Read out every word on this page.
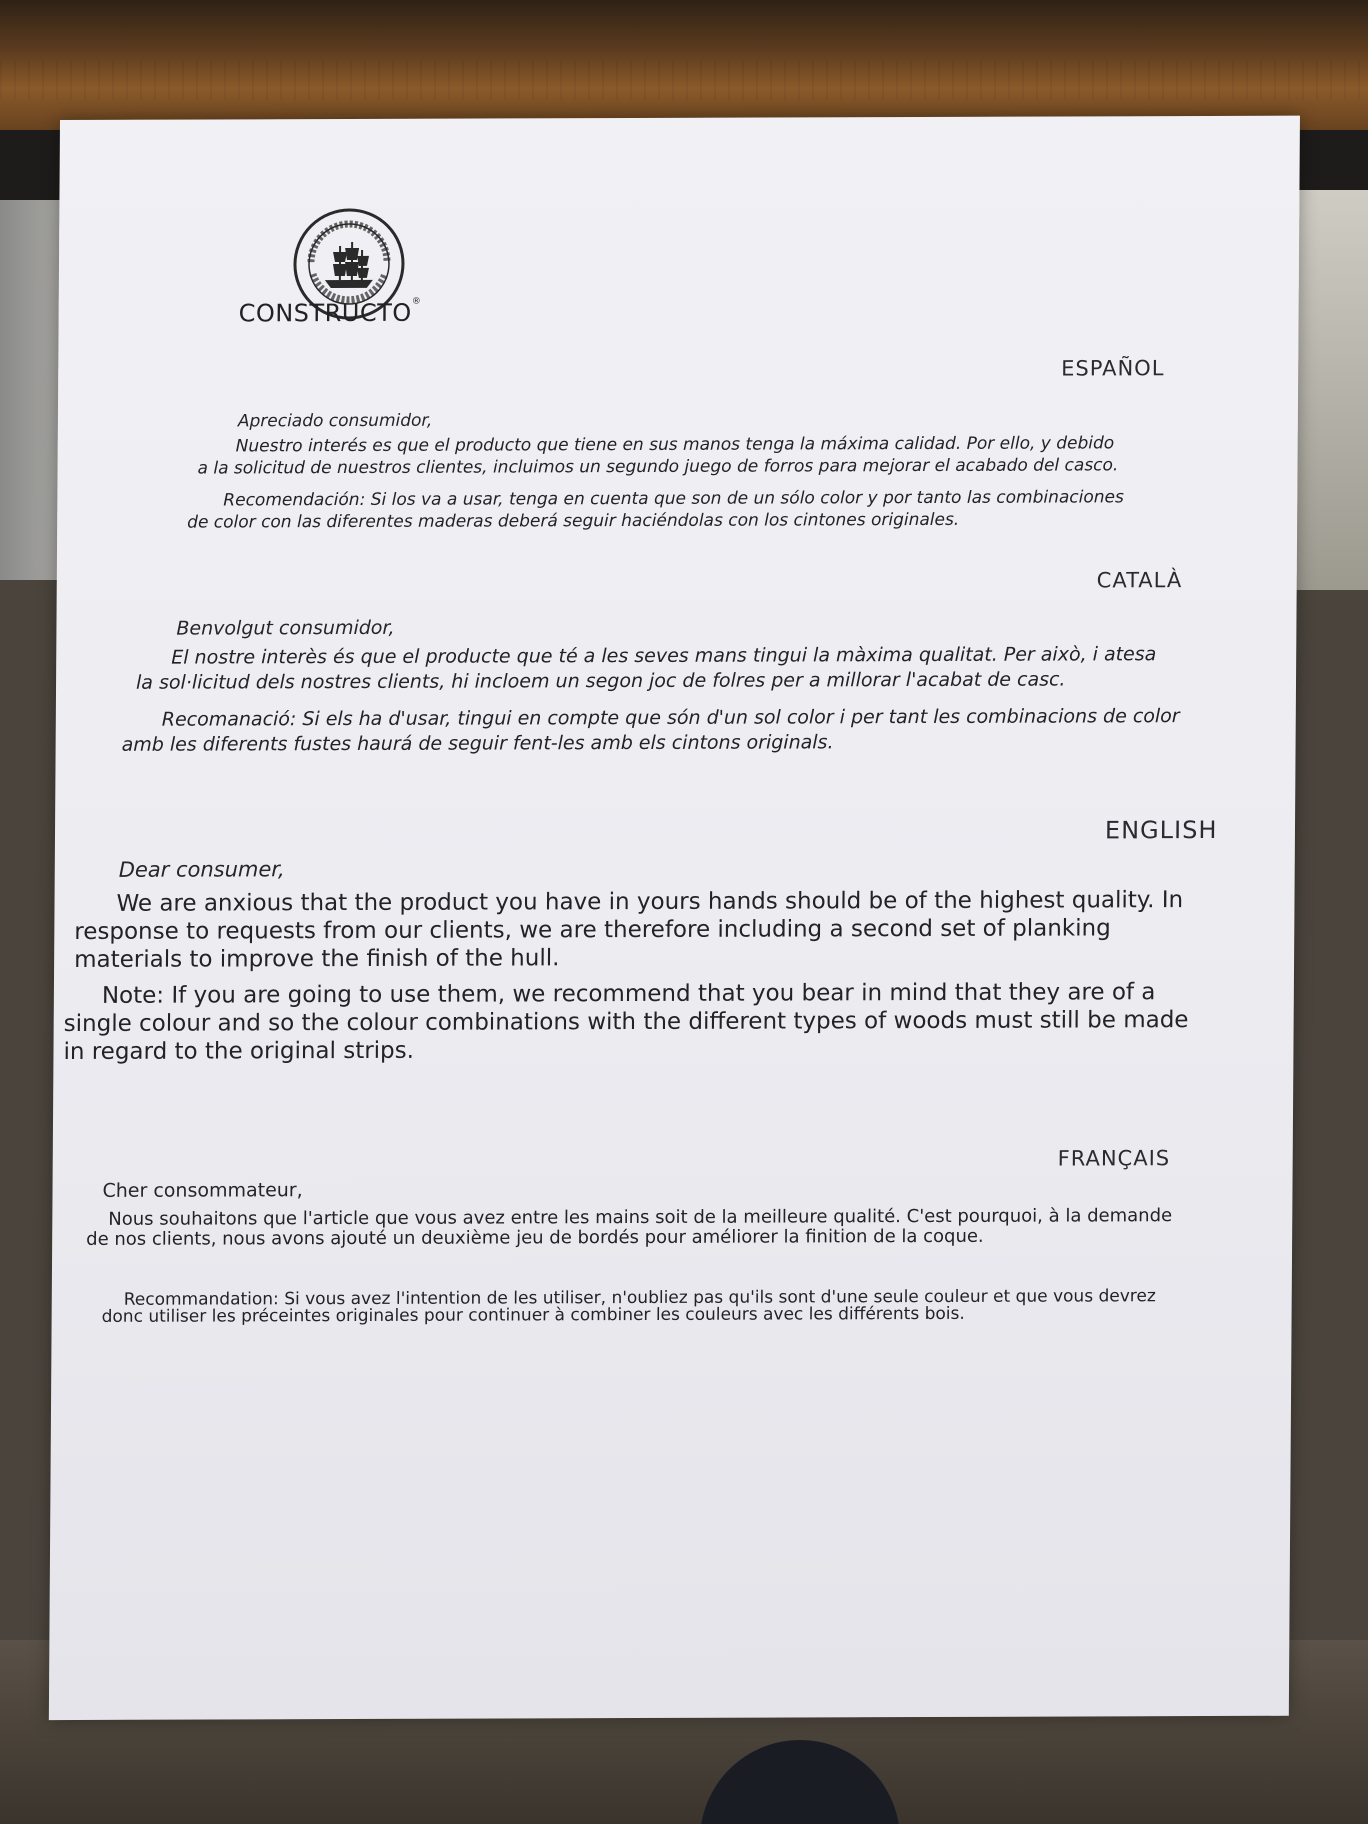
CONSTRUCTO®
ESPAÑOL
Apreciado consumidor,
Nuestro interés es que el producto que tiene en sus manos tenga la máxima calidad. Por ello, y debido a la solicitud de nuestros clientes, incluimos un segundo juego de forros para mejorar el acabado del casco.
Recomendación: Si los va a usar, tenga en cuenta que son de un sólo color y por tanto las combinaciones de color con las diferentes maderas deberá seguir haciéndolas con los cintones originales.
CATALÀ
Benvolgut consumidor,
El nostre interès és que el producte que té a les seves mans tingui la màxima qualitat. Per això, i atesa la sol·licitud dels nostres clients, hi incloem un segon joc de folres per a millorar l'acabat de casc.
Recomanació: Si els ha d'usar, tingui en compte que són d'un sol color i per tant les combinacions de color amb les diferents fustes haurá de seguir fent-les amb els cintons originals.
ENGLISH
Dear consumer,
We are anxious that the product you have in yours hands should be of the highest quality. In response to requests from our clients, we are therefore including a second set of planking materials to improve the finish of the hull.
Note: If you are going to use them, we recommend that you bear in mind that they are of a single colour and so the colour combinations with the different types of woods must still be made in regard to the original strips.
FRANÇAIS
Cher consommateur,
Nous souhaitons que l'article que vous avez entre les mains soit de la meilleure qualité. C'est pourquoi, à la demande de nos clients, nous avons ajouté un deuxième jeu de bordés pour améliorer la finition de la coque.
Recommandation: Si vous avez l'intention de les utiliser, n'oubliez pas qu'ils sont d'une seule couleur et que vous devrez donc utiliser les préceintes originales pour continuer à combiner les couleurs avec les différents bois.
